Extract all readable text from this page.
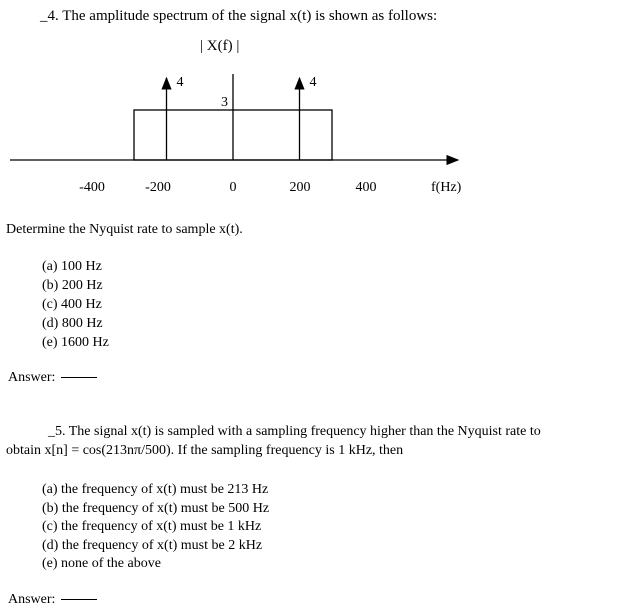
_4. The amplitude spectrum of the signal x(t) is shown as follows:
| X(f) |
4
3
4
-400	-200	0	200	400	f(Hz)
Determine the Nyquist rate to sample x(t).
(a) 100 Hz
(b) 200 Hz
(c) 400 Hz
(d) 800 Hz
(e) 1600 Hz
Answer:
_5. The signal x(t) is sampled with a sampling frequency higher than the Nyquist rate to
obtain x[n] = cos(213nπ/500). If the sampling frequency is 1 kHz, then
(a) the frequency of x(t) must be 213 Hz
(b) the frequency of x(t) must be 500 Hz
(c) the frequency of x(t) must be 1 kHz
(d) the frequency of x(t) must be 2 kHz
(e) none of the above
Answer:
